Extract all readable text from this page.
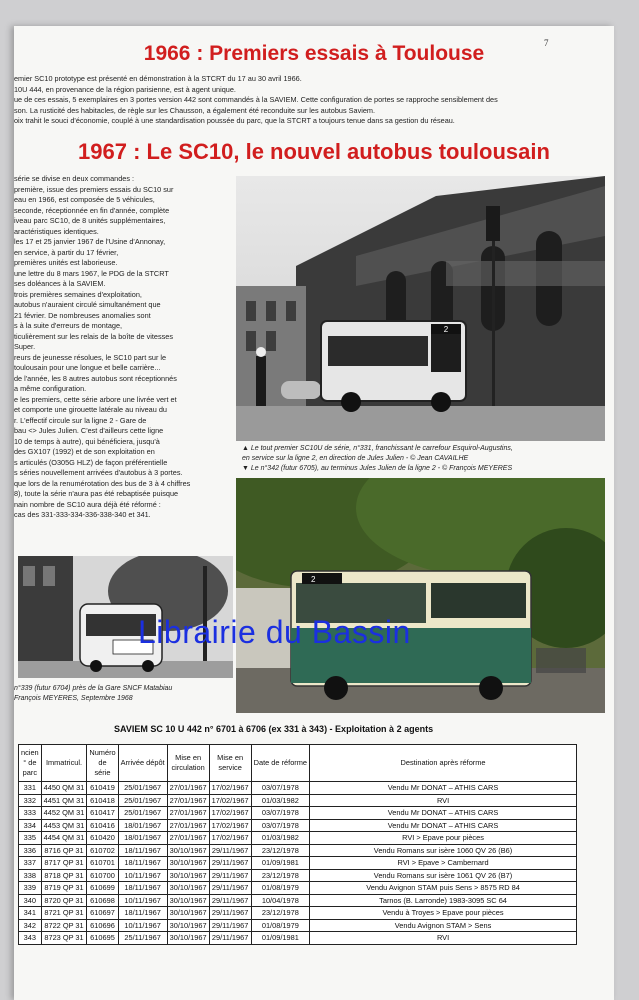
7
1966 : Premiers essais à Toulouse
emier SC10 prototype est présenté en démonstration à la STCRT du 17 au 30 avril 1966.
10U 444, en provenance de la région parisienne, est à agent unique.
ue de ces essais, 5 exemplaires en 3 portes version 442 sont commandés à la SAVIEM. Cette configuration de portes se rapproche sensiblement des
son. La rusticité des habitacles, de règle sur les Chausson, a également été reconduite sur les autobus Saviem.
oix trahit le souci d'économie, couplé à une standardisation poussée du parc, que la STCRT a toujours tenue dans sa gestion du réseau.
1967 : Le SC10, le nouvel autobus toulousain
série se divise en deux commandes :
première, issue des premiers essais du SC10 sur
eau en 1966, est composée de 5 véhicules,
seconde, réceptionnée en fin d'année, complète
iveau parc SC10, de 8 unités supplémentaires,
aractéristiques identiques.
les 17 et 25 janvier 1967 de l'Usine d'Annonay,
en service, à partir du 17 février,
premières unités est laborieuse.
une lettre du 8 mars 1967, le PDG de la STCRT
ses doléances à la SAVIEM.
trois premières semaines d'exploitation,
autobus n'auraient circulé simultanément que
21 février. De nombreuses anomalies sont
s à la suite d'erreurs de montage,
ticulièrement sur les relais de la boîte de vitesses
Super.
reurs de jeunesse résolues, le SC10 part sur le
toulousain pour une longue et belle carrière...
de l'année, les 8 autres autobus sont réceptionnés
a même configuration.
e les premiers, cette série arbore une livrée vert et
et comporte une girouette latérale au niveau du
r. L'effectif circule sur la ligne 2 - Gare de
bau <> Jules Julien. C'est d'ailleurs cette ligne
10 de temps à autre), qui bénéficiera, jusqu'à
des GX107 (1992) et de son exploitation en
s articulés (O305G HLZ) de façon préférentielle
s séries nouvellement arrivées d'autobus à 3 portes.
que lors de la renumérotation des bus de 3 à 4 chiffres
8), toute la série n'aura pas été rebaptisée puisque
nain nombre de SC10 aura déjà été réformé :
cas des 331-333-334-336-338-340 et 341.
2
▲ Le tout premier SC10U de série, n°331, franchissant le carrefour Esquirol-Augustins,
en service sur la ligne 2, en direction de Jules Julien - © Jean CAVAILHE
▼ Le n°342 (futur 6705), au terminus Jules Julien de la ligne 2 - © François MEYERES
2
n°339 (futur 6704) près de la Gare SNCF Matabiau
François MEYERES, Septembre 1968
Librairie du Bassin
SAVIEM SC 10 U 442 n° 6701 à 6706 (ex 331 à 343) - Exploitation à 2 agents
ncien
° de
parc	Immatricul.	Numéro
de
série	Arrivée dépôt	Mise en
circulation	Mise en
service	Date de réforme	Destination après réforme
331	4450 QM 31	610419	25/01/1967	27/01/1967	17/02/1967	03/07/1978	Vendu Mr DONAT – ATHIS CARS
332	4451 QM 31	610418	25/01/1967	27/01/1967	17/02/1967	01/03/1982	RVI
333	4452 QM 31	610417	25/01/1967	27/01/1967	17/02/1967	03/07/1978	Vendu Mr DONAT – ATHIS CARS
334	4453 QM 31	610416	18/01/1967	27/01/1967	17/02/1967	03/07/1978	Vendu Mr DONAT – ATHIS CARS
335	4454 QM 31	610420	18/01/1967	27/01/1967	17/02/1967	01/03/1982	RVI > Epave pour pièces
336	8716 QP 31	610702	18/11/1967	30/10/1967	29/11/1967	23/12/1978	Vendu Romans sur isère 1060 QV 26 (B6)
337	8717 QP 31	610701	18/11/1967	30/10/1967	29/11/1967	01/09/1981	RVI > Epave > Cambernard
338	8718 QP 31	610700	10/11/1967	30/10/1967	29/11/1967	23/12/1978	Vendu Romans sur isère 1061 QV 26 (B7)
339	8719 QP 31	610699	18/11/1967	30/10/1967	29/11/1967	01/08/1979	Vendu Avignon STAM puis Sens > 8575 RD 84
340	8720 QP 31	610698	10/11/1967	30/10/1967	29/11/1967	10/04/1978	Tarnos (B. Larronde) 1983-3095 SC 64
341	8721 QP 31	610697	18/11/1967	30/10/1967	29/11/1967	23/12/1978	Vendu à Troyes > Epave pour pièces
342	8722 QP 31	610696	10/11/1967	30/10/1967	29/11/1967	01/08/1979	Vendu Avignon STAM > Sens
343	8723 QP 31	610695	25/11/1967	30/10/1967	29/11/1967	01/09/1981	RVI
